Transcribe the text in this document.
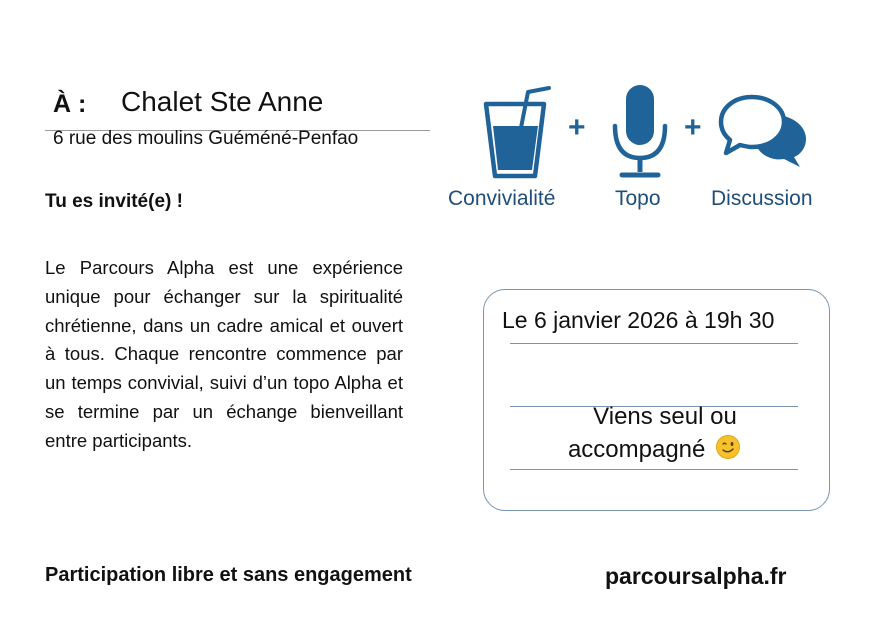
À : Chalet Ste Anne
6 rue des moulins Guéméné-Penfao
Tu es invité(e) !

Le Parcours Alpha est une expérience unique pour échanger sur la spiritualité chrétienne, dans un cadre amical et ouvert à tous. Chaque rencontre commence par un temps convivial, suivi d’un topo Alpha et se termine par un échange bienveillant entre participants.

+	+
Convivialité	Topo Discussion
Le 6 janvier 2026 à 19h 30
Viens seul ou
accompagné
Participation libre et sans engagement	parcoursalpha.fr
